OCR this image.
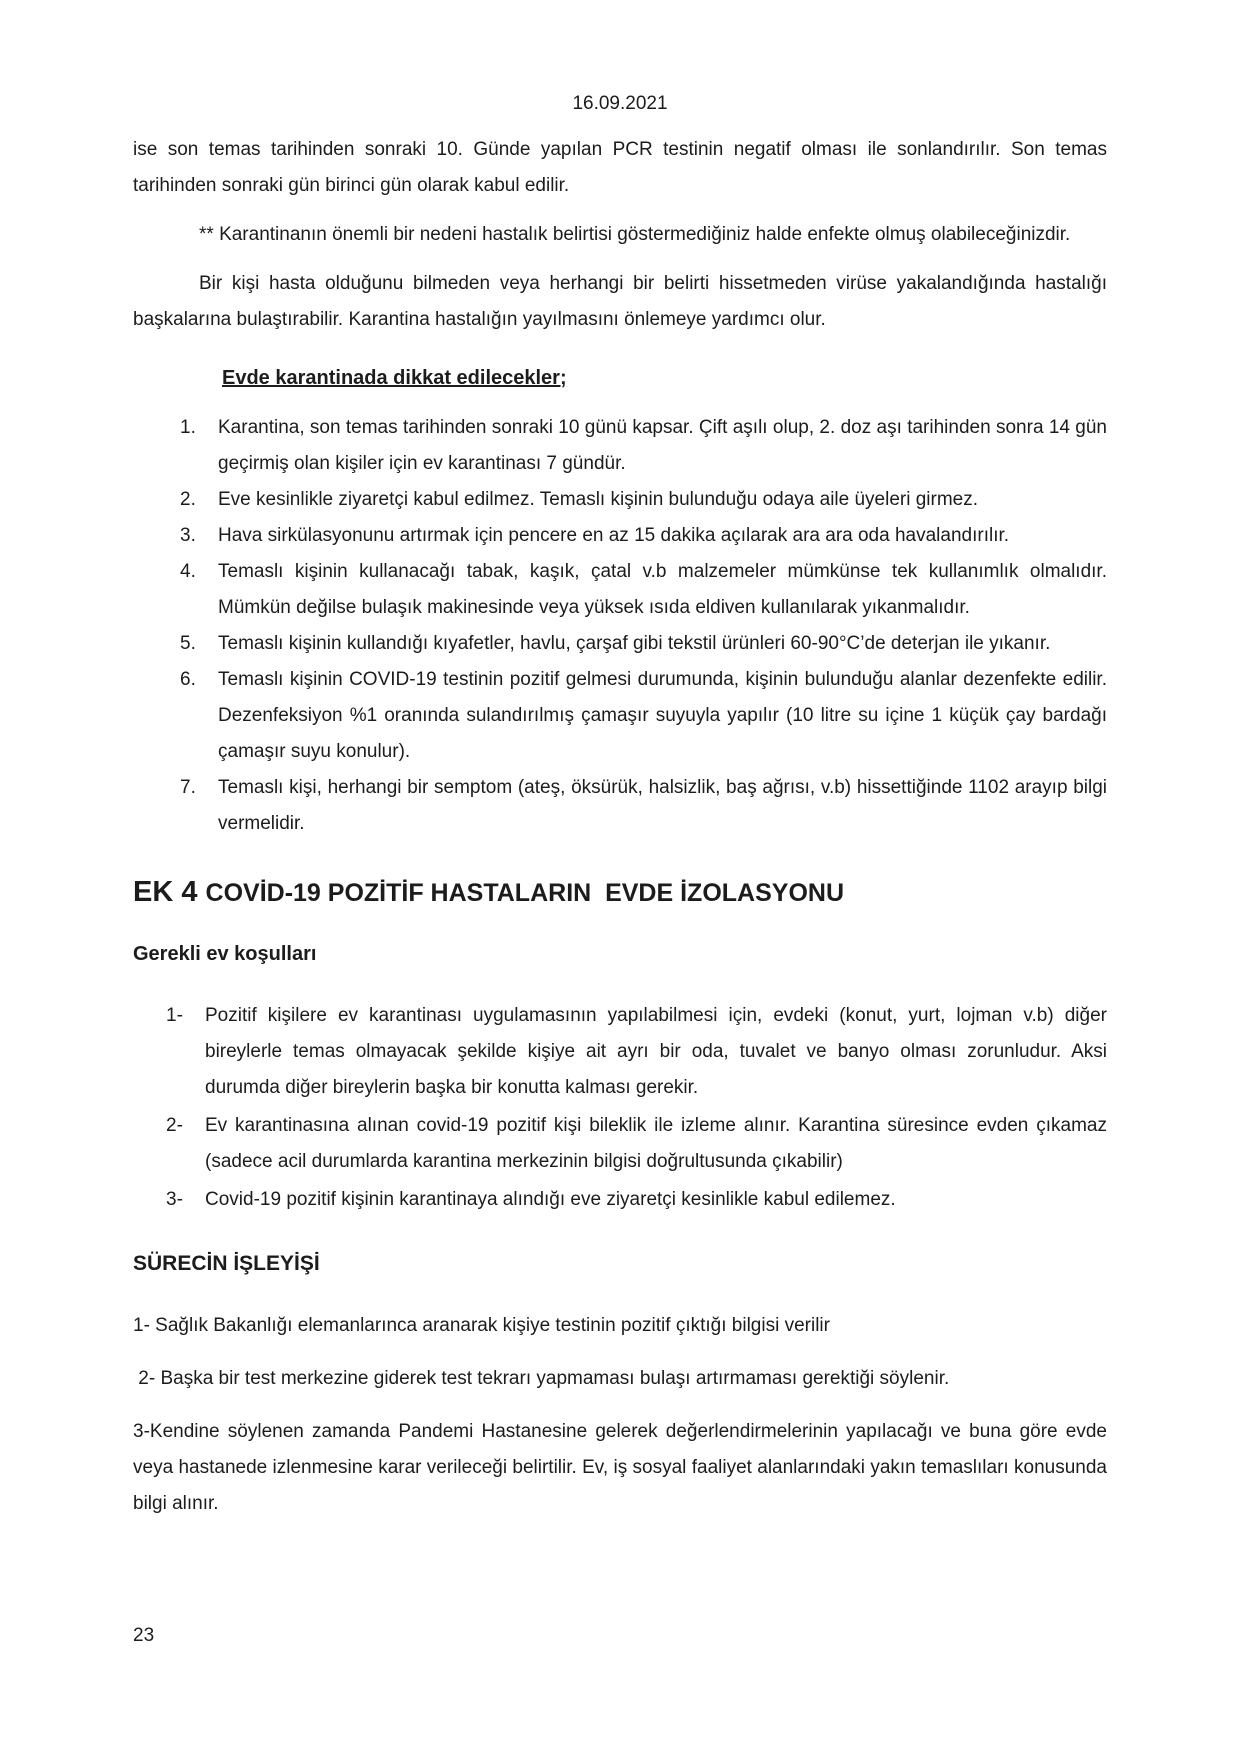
16.09.2021

ise son temas tarihinden sonraki 10. Günde yapılan PCR testinin negatif olması ile sonlandırılır. Son temas tarihinden sonraki gün birinci gün olarak kabul edilir.

** Karantinanın önemli bir nedeni hastalık belirtisi göstermediğiniz halde enfekte olmuş olabileceğinizdir.

Bir kişi hasta olduğunu bilmeden veya herhangi bir belirti hissetmeden virüse yakalandığında hastalığı başkalarına bulaştırabilir. Karantina hastalığın yayılmasını önlemeye yardımcı olur.

Evde karantinada dikkat edilecekler;
1.	Karantina, son temas tarihinden sonraki 10 günü kapsar. Çift aşılı olup, 2. doz aşı tarihinden sonra 14 gün geçirmiş olan kişiler için ev karantinası 7 gündür.
2.	Eve kesinlikle ziyaretçi kabul edilmez. Temaslı kişinin bulunduğu odaya aile üyeleri girmez.
3.	Hava sirkülasyonunu artırmak için pencere en az 15 dakika açılarak ara ara oda havalandırılır.
4.	Temaslı kişinin kullanacağı tabak, kaşık, çatal v.b malzemeler mümkünse tek kullanımlık olmalıdır. Mümkün değilse bulaşık makinesinde veya yüksek ısıda eldiven kullanılarak yıkanmalıdır.
5.	Temaslı kişinin kullandığı kıyafetler, havlu, çarşaf gibi tekstil ürünleri 60-90°C’de deterjan ile yıkanır.
6.	Temaslı kişinin COVID-19 testinin pozitif gelmesi durumunda, kişinin bulunduğu alanlar dezenfekte edilir. Dezenfeksiyon %1 oranında sulandırılmış çamaşır suyuyla yapılır (10 litre su içine 1 küçük çay bardağı çamaşır suyu konulur).
7.	Temaslı kişi, herhangi bir semptom (ateş, öksürük, halsizlik, baş ağrısı, v.b) hissettiğinde 1102 arayıp bilgi vermelidir.
EK 4 COVİD-19 POZİTİF HASTALARIN  EVDE İZOLASYONU
Gerekli ev koşulları
1-	Pozitif kişilere ev karantinası uygulamasının yapılabilmesi için, evdeki (konut, yurt, lojman v.b) diğer bireylerle temas olmayacak şekilde kişiye ait ayrı bir oda, tuvalet ve banyo olması zorunludur. Aksi durumda diğer bireylerin başka bir konutta kalması gerekir.
2-	Ev karantinasına alınan covid-19 pozitif kişi bileklik ile izleme alınır. Karantina süresince evden çıkamaz (sadece acil durumlarda karantina merkezinin bilgisi doğrultusunda çıkabilir)
3-	Covid-19 pozitif kişinin karantinaya alındığı eve ziyaretçi kesinlikle kabul edilemez.
SÜRECİN İŞLEYİŞİ

1- Sağlık Bakanlığı elemanlarınca aranarak kişiye testinin pozitif çıktığı bilgisi verilir

2- Başka bir test merkezine giderek test tekrarı yapmaması bulaşı artırmaması gerektiği söylenir.

3-Kendine söylenen zamanda Pandemi Hastanesine gelerek değerlendirmelerinin yapılacağı ve buna göre evde veya hastanede izlenmesine karar verileceği belirtilir. Ev, iş sosyal faaliyet alanlarındaki yakın temaslıları konusunda bilgi alınır.

23
